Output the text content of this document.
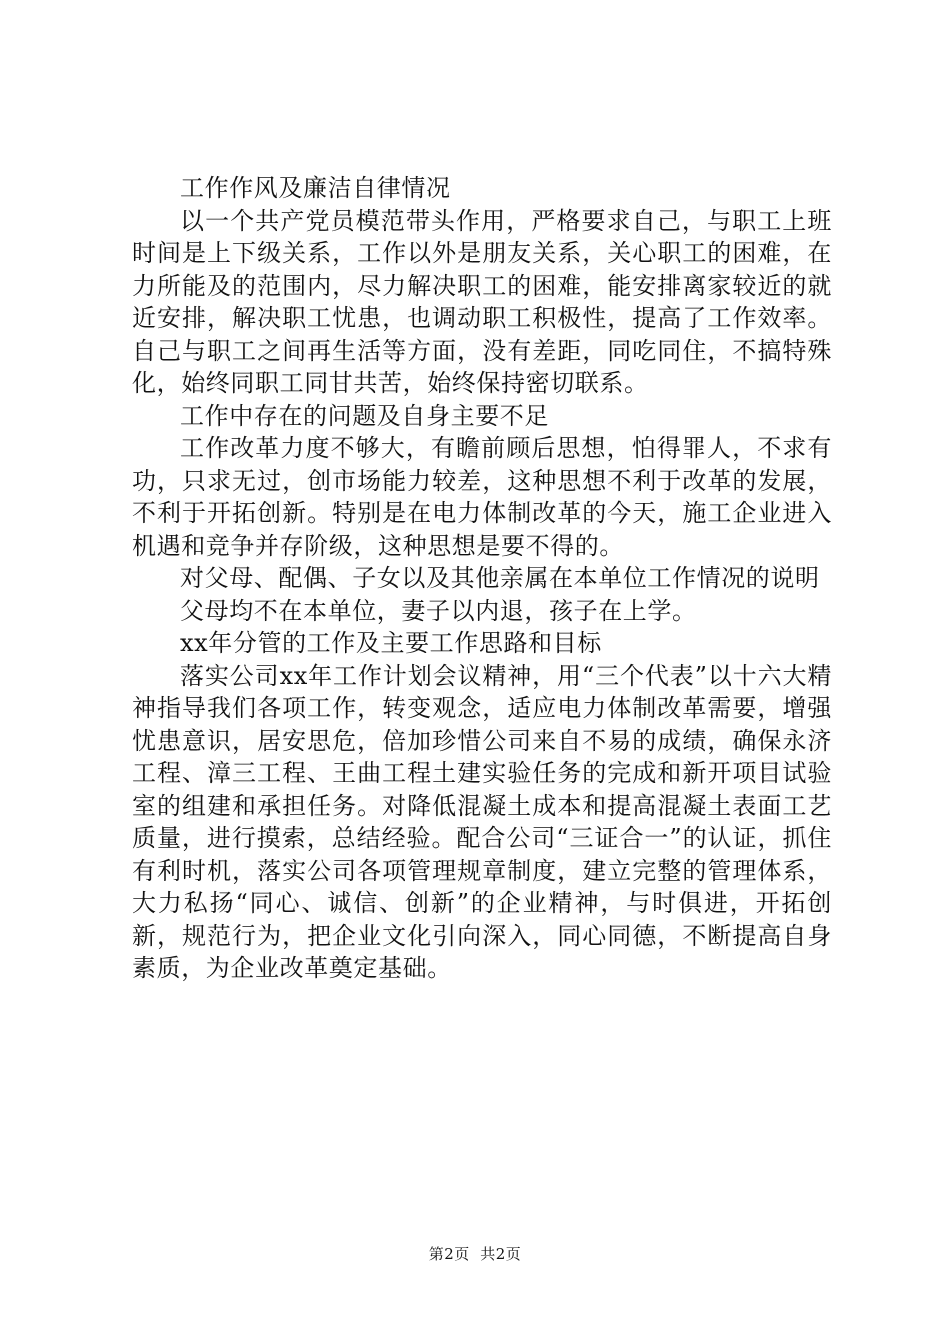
工作作风及廉洁自律情况

以一个共产党员模范带头作用，严格要求自己，与职工上班时间是上下级关系，工作以外是朋友关系，关心职工的困难，在力所能及的范围内，尽力解决职工的困难，能安排离家较近的就近安排，解决职工忧患，也调动职工积极性，提高了工作效率。自己与职工之间再生活等方面，没有差距，同吃同住，不搞特殊化，始终同职工同甘共苦，始终保持密切联系。

工作中存在的问题及自身主要不足

工作改革力度不够大，有瞻前顾后思想，怕得罪人，不求有功，只求无过，创市场能力较差，这种思想不利于改革的发展，不利于开拓创新。特别是在电力体制改革的今天，施工企业进入机遇和竞争并存阶级，这种思想是要不得的。

对父母、配偶、子女以及其他亲属在本单位工作情况的说明

父母均不在本单位，妻子以内退，孩子在上学。

xx年分管的工作及主要工作思路和目标

落实公司xx年工作计划会议精神，用“三个代表”以十六大精神指导我们各项工作，转变观念，适应电力体制改革需要，增强忧患意识，居安思危，倍加珍惜公司来自不易的成绩，确保永济工程、漳三工程、王曲工程土建实验任务的完成和新开项目试验室的组建和承担任务。对降低混凝土成本和提高混凝土表面工艺质量，进行摸索，总结经验。配合公司“三证合一”的认证，抓住有利时机，落实公司各项管理规章制度，建立完整的管理体系，大力私扬“同心、诚信、创新”的企业精神，与时俱进，开拓创新，规范行为，把企业文化引向深入，同心同德，不断提高自身素质，为企业改革奠定基础。

第2页  共2页
